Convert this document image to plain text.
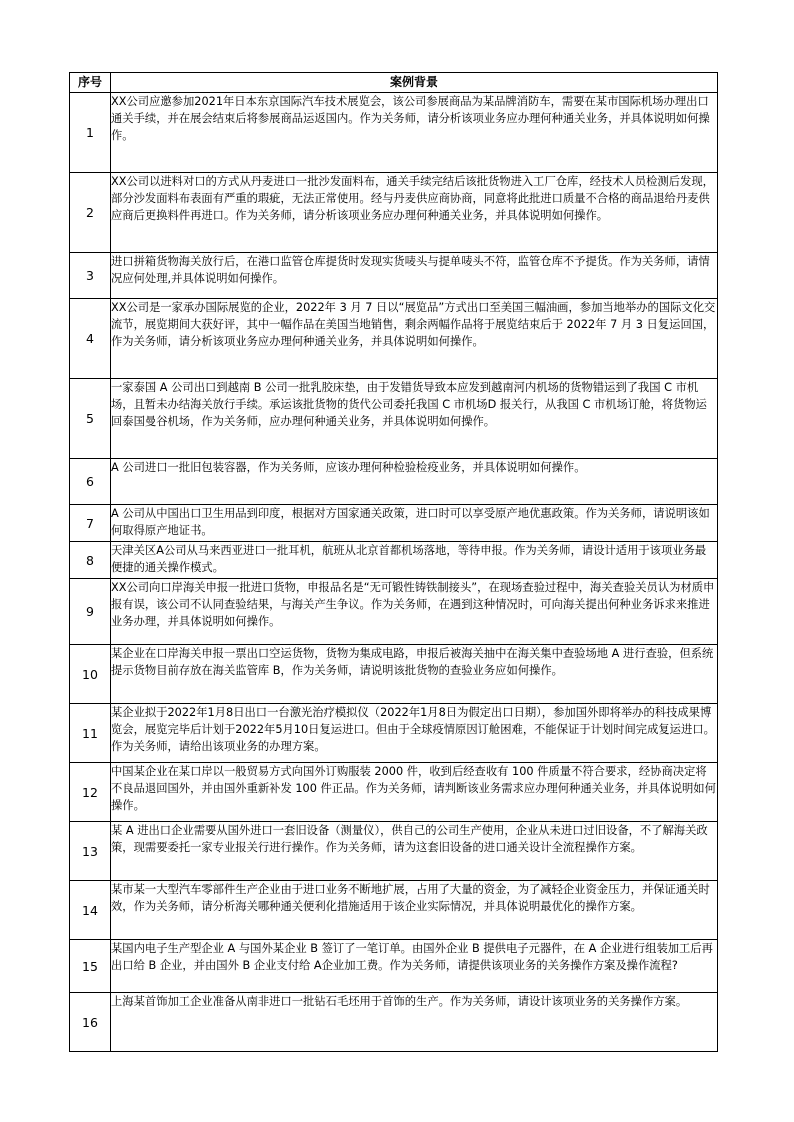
序号	案例背景
1	XX公司应邀参加2021年日本东京国际汽车技术展览会，该公司参展商品为某品牌消防车，需要在某市国际机场办理出口通关手续，并在展会结束后将参展商品运返国内。作为关务师，请分析该项业务应办理何种通关业务，并具体说明如何操作。
2	XX公司以进料对口的方式从丹麦进口一批沙发面料布，通关手续完结后该批货物进入工厂仓库，经技术人员检测后发现，部分沙发面料布表面有严重的瑕疵，无法正常使用。经与丹麦供应商协商，同意将此批进口质量不合格的商品退给丹麦供应商后更换料件再进口。作为关务师，请分析该项业务应办理何种通关业务，并具体说明如何操作。
3	进口拼箱货物海关放行后，在港口监管仓库提货时发现实货唛头与提单唛头不符，监管仓库不予提货。作为关务师，请情况应何处理,并具体说明如何操作。
4	XX公司是一家承办国际展览的企业，2022年 3 月 7 日以“展览品”方式出口至美国三幅油画，参加当地举办的国际文化交流节，展览期间大获好评，其中一幅作品在美国当地销售，剩余两幅作品将于展览结束后于 2022年 7 月 3 日复运回国，作为关务师，请分析该项业务应办理何种通关业务，并具体说明如何操作。
5	一家泰国 A 公司出口到越南 B 公司一批乳胶床垫，由于发错货导致本应发到越南河内机场的货物错运到了我国 C 市机场，且暂未办结海关放行手续。承运该批货物的货代公司委托我国 C 市机场D 报关行，从我国 C 市机场订舱，将货物运回泰国曼谷机场，作为关务师，应办理何种通关业务，并具体说明如何操作。
6	A 公司进口一批旧包装容器，作为关务师，应该办理何种检验检疫业务，并具体说明如何操作。
7	A 公司从中国出口卫生用品到印度，根据对方国家通关政策，进口时可以享受原产地优惠政策。作为关务师，请说明该如何取得原产地证书。
8	天津关区A公司从马来西亚进口一批耳机，航班从北京首都机场落地，等待申报。作为关务师，请设计适用于该项业务最便捷的通关操作模式。
9	XX公司向口岸海关申报一批进口货物，申报品名是“无可锻性铸铁制接头”，在现场查验过程中，海关查验关员认为材质申报有误，该公司不认同查验结果，与海关产生争议。作为关务师，在遇到这种情况时，可向海关提出何种业务诉求来推进业务办理，并具体说明如何操作。
10	某企业在口岸海关申报一票出口空运货物，货物为集成电路，申报后被海关抽中在海关集中查验场地 A 进行查验，但系统提示货物目前存放在海关监管库 B，作为关务师，请说明该批货物的查验业务应如何操作。
11	某企业拟于2022年1月8日出口一台激光治疗模拟仪（2022年1月8日为假定出口日期），参加国外即将举办的科技成果博览会，展览完毕后计划于2022年5月10日复运进口。但由于全球疫情原因订舱困难，不能保证于计划时间完成复运进口。作为关务师，请给出该项业务的办理方案。
12	中国某企业在某口岸以一般贸易方式向国外订购服装 2000 件，收到后经查收有 100 件质量不符合要求，经协商决定将不良品退回国外，并由国外重新补发 100 件正品。作为关务师，请判断该业务需求应办理何种通关业务，并具体说明如何操作。
13	某 A 进出口企业需要从国外进口一套旧设备（测量仪），供自己的公司生产使用，企业从未进口过旧设备，不了解海关政策，现需要委托一家专业报关行进行操作。作为关务师，请为这套旧设备的进口通关设计全流程操作方案。
14	某市某一大型汽车零部件生产企业由于进口业务不断地扩展，占用了大量的资金，为了减轻企业资金压力，并保证通关时效，作为关务师，请分析海关哪种通关便利化措施适用于该企业实际情况，并具体说明最优化的操作方案。
15	某国内电子生产型企业 A 与国外某企业 B 签订了一笔订单。由国外企业 B 提供电子元器件，在 A 企业进行组装加工后再出口给 B 企业，并由国外 B 企业支付给 A企业加工费。作为关务师，请提供该项业务的关务操作方案及操作流程?
16	上海某首饰加工企业准备从南非进口一批钻石毛坯用于首饰的生产。作为关务师，请设计该项业务的关务操作方案。
